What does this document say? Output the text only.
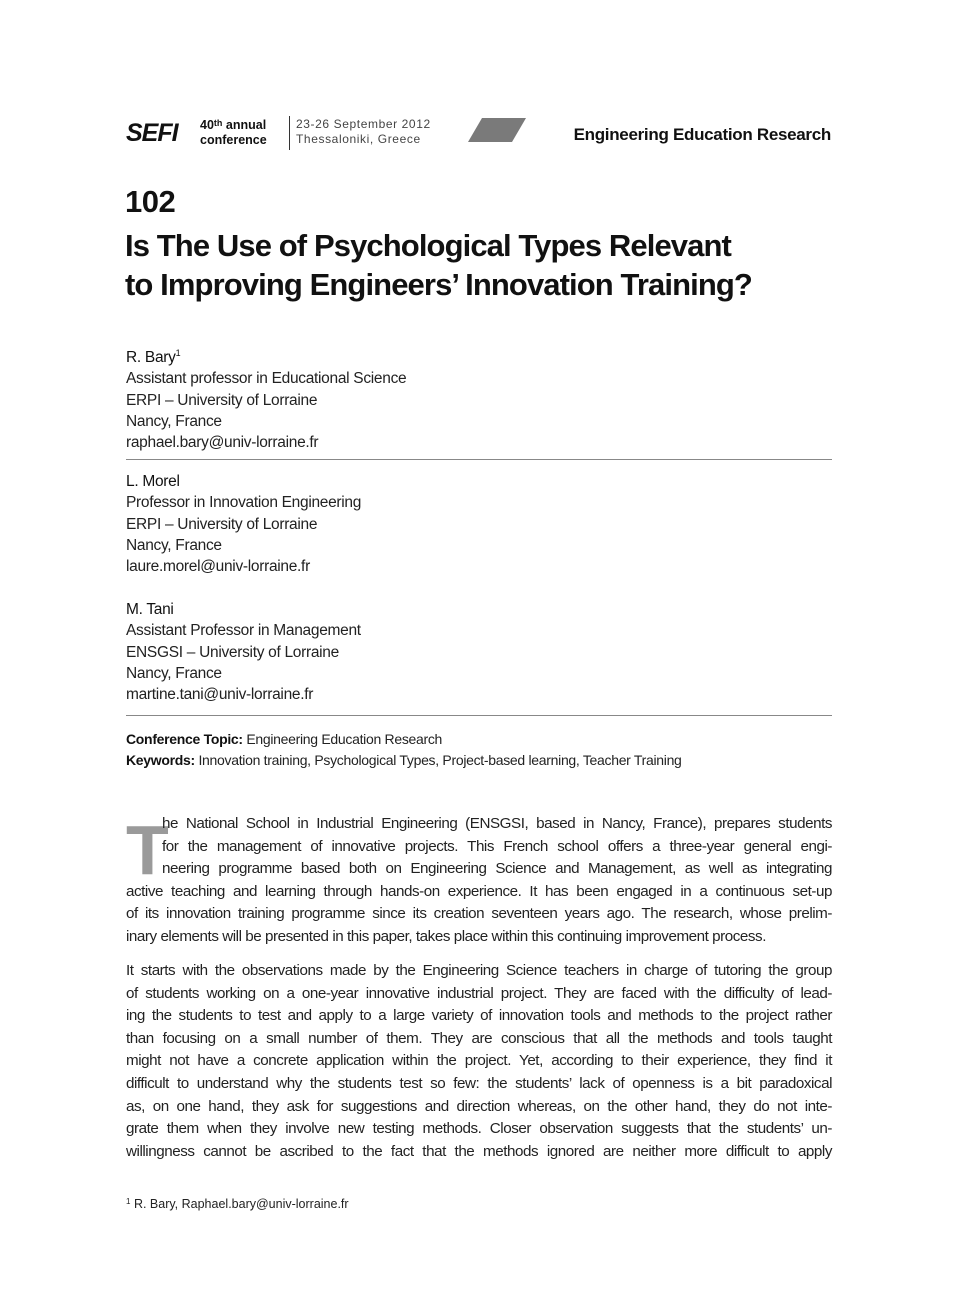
SEFI 40th annual
conference
23-26 September 2012
Thessaloniki, Greece	Engineering Education Research
102
Is The Use of Psychological Types Relevant
to Improving Engineers’ Innovation Training?
R. Bary$^1$
Assistant professor in Educational Science
ERPI – University of Lorraine
Nancy, France
raphael.bary@univ-lorraine.fr
L. Morel
Professor in Innovation Engineering
ERPI – University of Lorraine
Nancy, France
laure.morel@univ-lorraine.fr
M. Tani
Assistant Professor in Management
ENSGSI – University of Lorraine
Nancy, France
martine.tani@univ-lorraine.fr
Conference Topic: Engineering Education Research
Keywords: Innovation training, Psychological Types, Project-based learning, Teacher Training
T
he National School in Industrial Engineering (ENSGSI, based in Nancy, France), prepares students
for the management of innovative projects. This French school offers a three-year general engi-
neering programme based both on Engineering Science and Management, as well as integrating
active teaching and learning through hands-on experience. It has been engaged in a continuous set-up
of its innovation training programme since its creation seventeen years ago. The research, whose prelim-
inary elements will be presented in this paper, takes place within this continuing improvement process.
It starts with the observations made by the Engineering Science teachers in charge of tutoring the group
of students working on a one-year innovative industrial project. They are faced with the difficulty of lead-
ing the students to test and apply to a large variety of innovation tools and methods to the project rather
than focusing on a small number of them. They are conscious that all the methods and tools taught
might not have a concrete application within the project. Yet, according to their experience, they find it
difficult to understand why the students test so few: the students’ lack of openness is a bit paradoxical
as, on one hand, they ask for suggestions and direction whereas, on the other hand, they do not inte-
grate them when they involve new testing methods. Closer observation suggests that the students’ un-
willingness cannot be ascribed to the fact that the methods ignored are neither more difficult to apply
$^1$ R. Bary, Raphael.bary@univ-lorraine.fr
